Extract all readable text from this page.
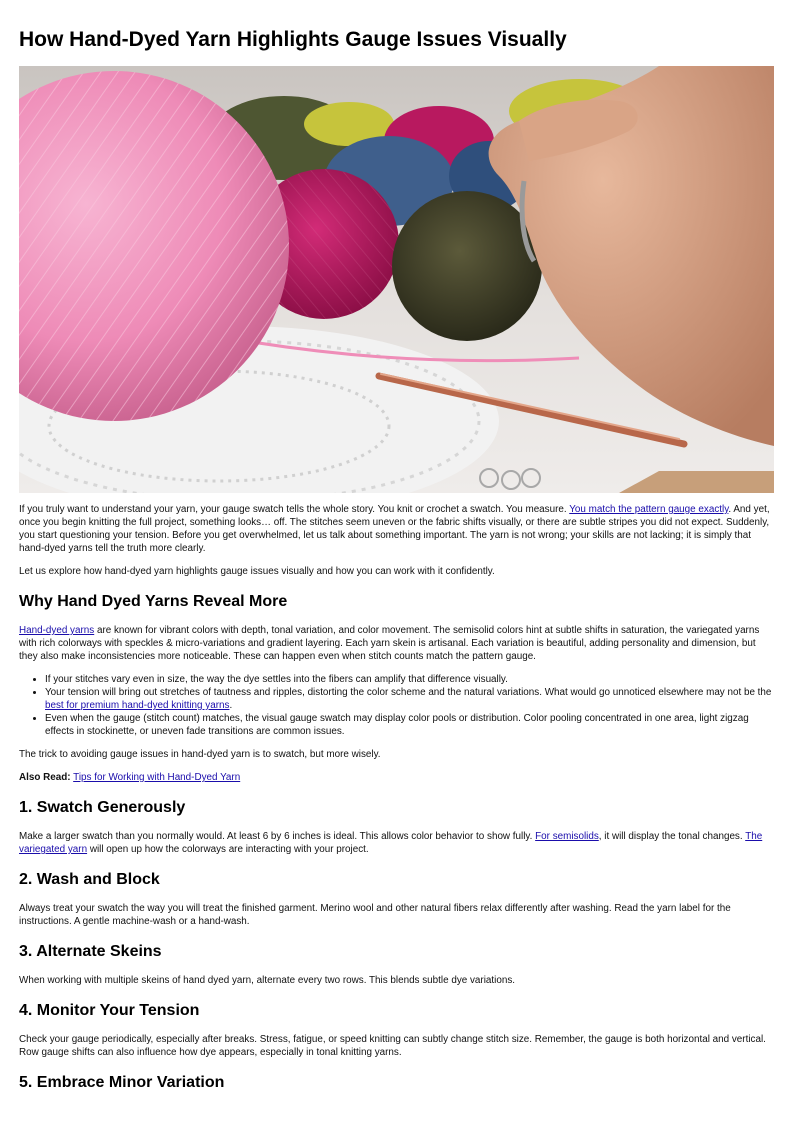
How Hand-Dyed Yarn Highlights Gauge Issues Visually

If you truly want to understand your yarn, your gauge swatch tells the whole story. You knit or crochet a swatch. You measure. You match the pattern gauge exactly. And yet, once you begin knitting the full project, something looks… off. The stitches seem uneven or the fabric shifts visually, or there are subtle stripes you did not expect. Suddenly, you start questioning your tension. Before you get overwhelmed, let us talk about something important. The yarn is not wrong; your skills are not lacking; it is simply that hand-dyed yarns tell the truth more clearly.

Let us explore how hand-dyed yarn highlights gauge issues visually and how you can work with it confidently.

Why Hand Dyed Yarns Reveal More

Hand-dyed yarns are known for vibrant colors with depth, tonal variation, and color movement. The semisolid colors hint at subtle shifts in saturation, the variegated yarns with rich colorways with speckles & micro-variations and gradient layering. Each yarn skein is artisanal. Each variation is beautiful, adding personality and dimension, but they also make inconsistencies more noticeable. These can happen even when stitch counts match the pattern gauge.

• If your stitches vary even in size, the way the dye settles into the fibers can amplify that difference visually.
• Your tension will bring out stretches of tautness and ripples, distorting the color scheme and the natural variations. What would go unnoticed elsewhere may not be the best for premium hand-dyed knitting yarns.
• Even when the gauge (stitch count) matches, the visual gauge swatch may display color pools or distribution. Color pooling concentrated in one area, light zigzag effects in stockinette, or uneven fade transitions are common issues.

The trick to avoiding gauge issues in hand-dyed yarn is to swatch, but more wisely.

Also Read: Tips for Working with Hand-Dyed Yarn

1. Swatch Generously

Make a larger swatch than you normally would. At least 6 by 6 inches is ideal. This allows color behavior to show fully. For semisolids, it will display the tonal changes. The variegated yarn will open up how the colorways are interacting with your project.

2. Wash and Block

Always treat your swatch the way you will treat the finished garment. Merino wool and other natural fibers relax differently after washing. Read the yarn label for the instructions. A gentle machine-wash or a hand-wash.

3. Alternate Skeins

When working with multiple skeins of hand dyed yarn, alternate every two rows. This blends subtle dye variations.

4. Monitor Your Tension

Check your gauge periodically, especially after breaks. Stress, fatigue, or speed knitting can subtly change stitch size. Remember, the gauge is both horizontal and vertical. Row gauge shifts can also influence how dye appears, especially in tonal knitting yarns.

5. Embrace Minor Variation
